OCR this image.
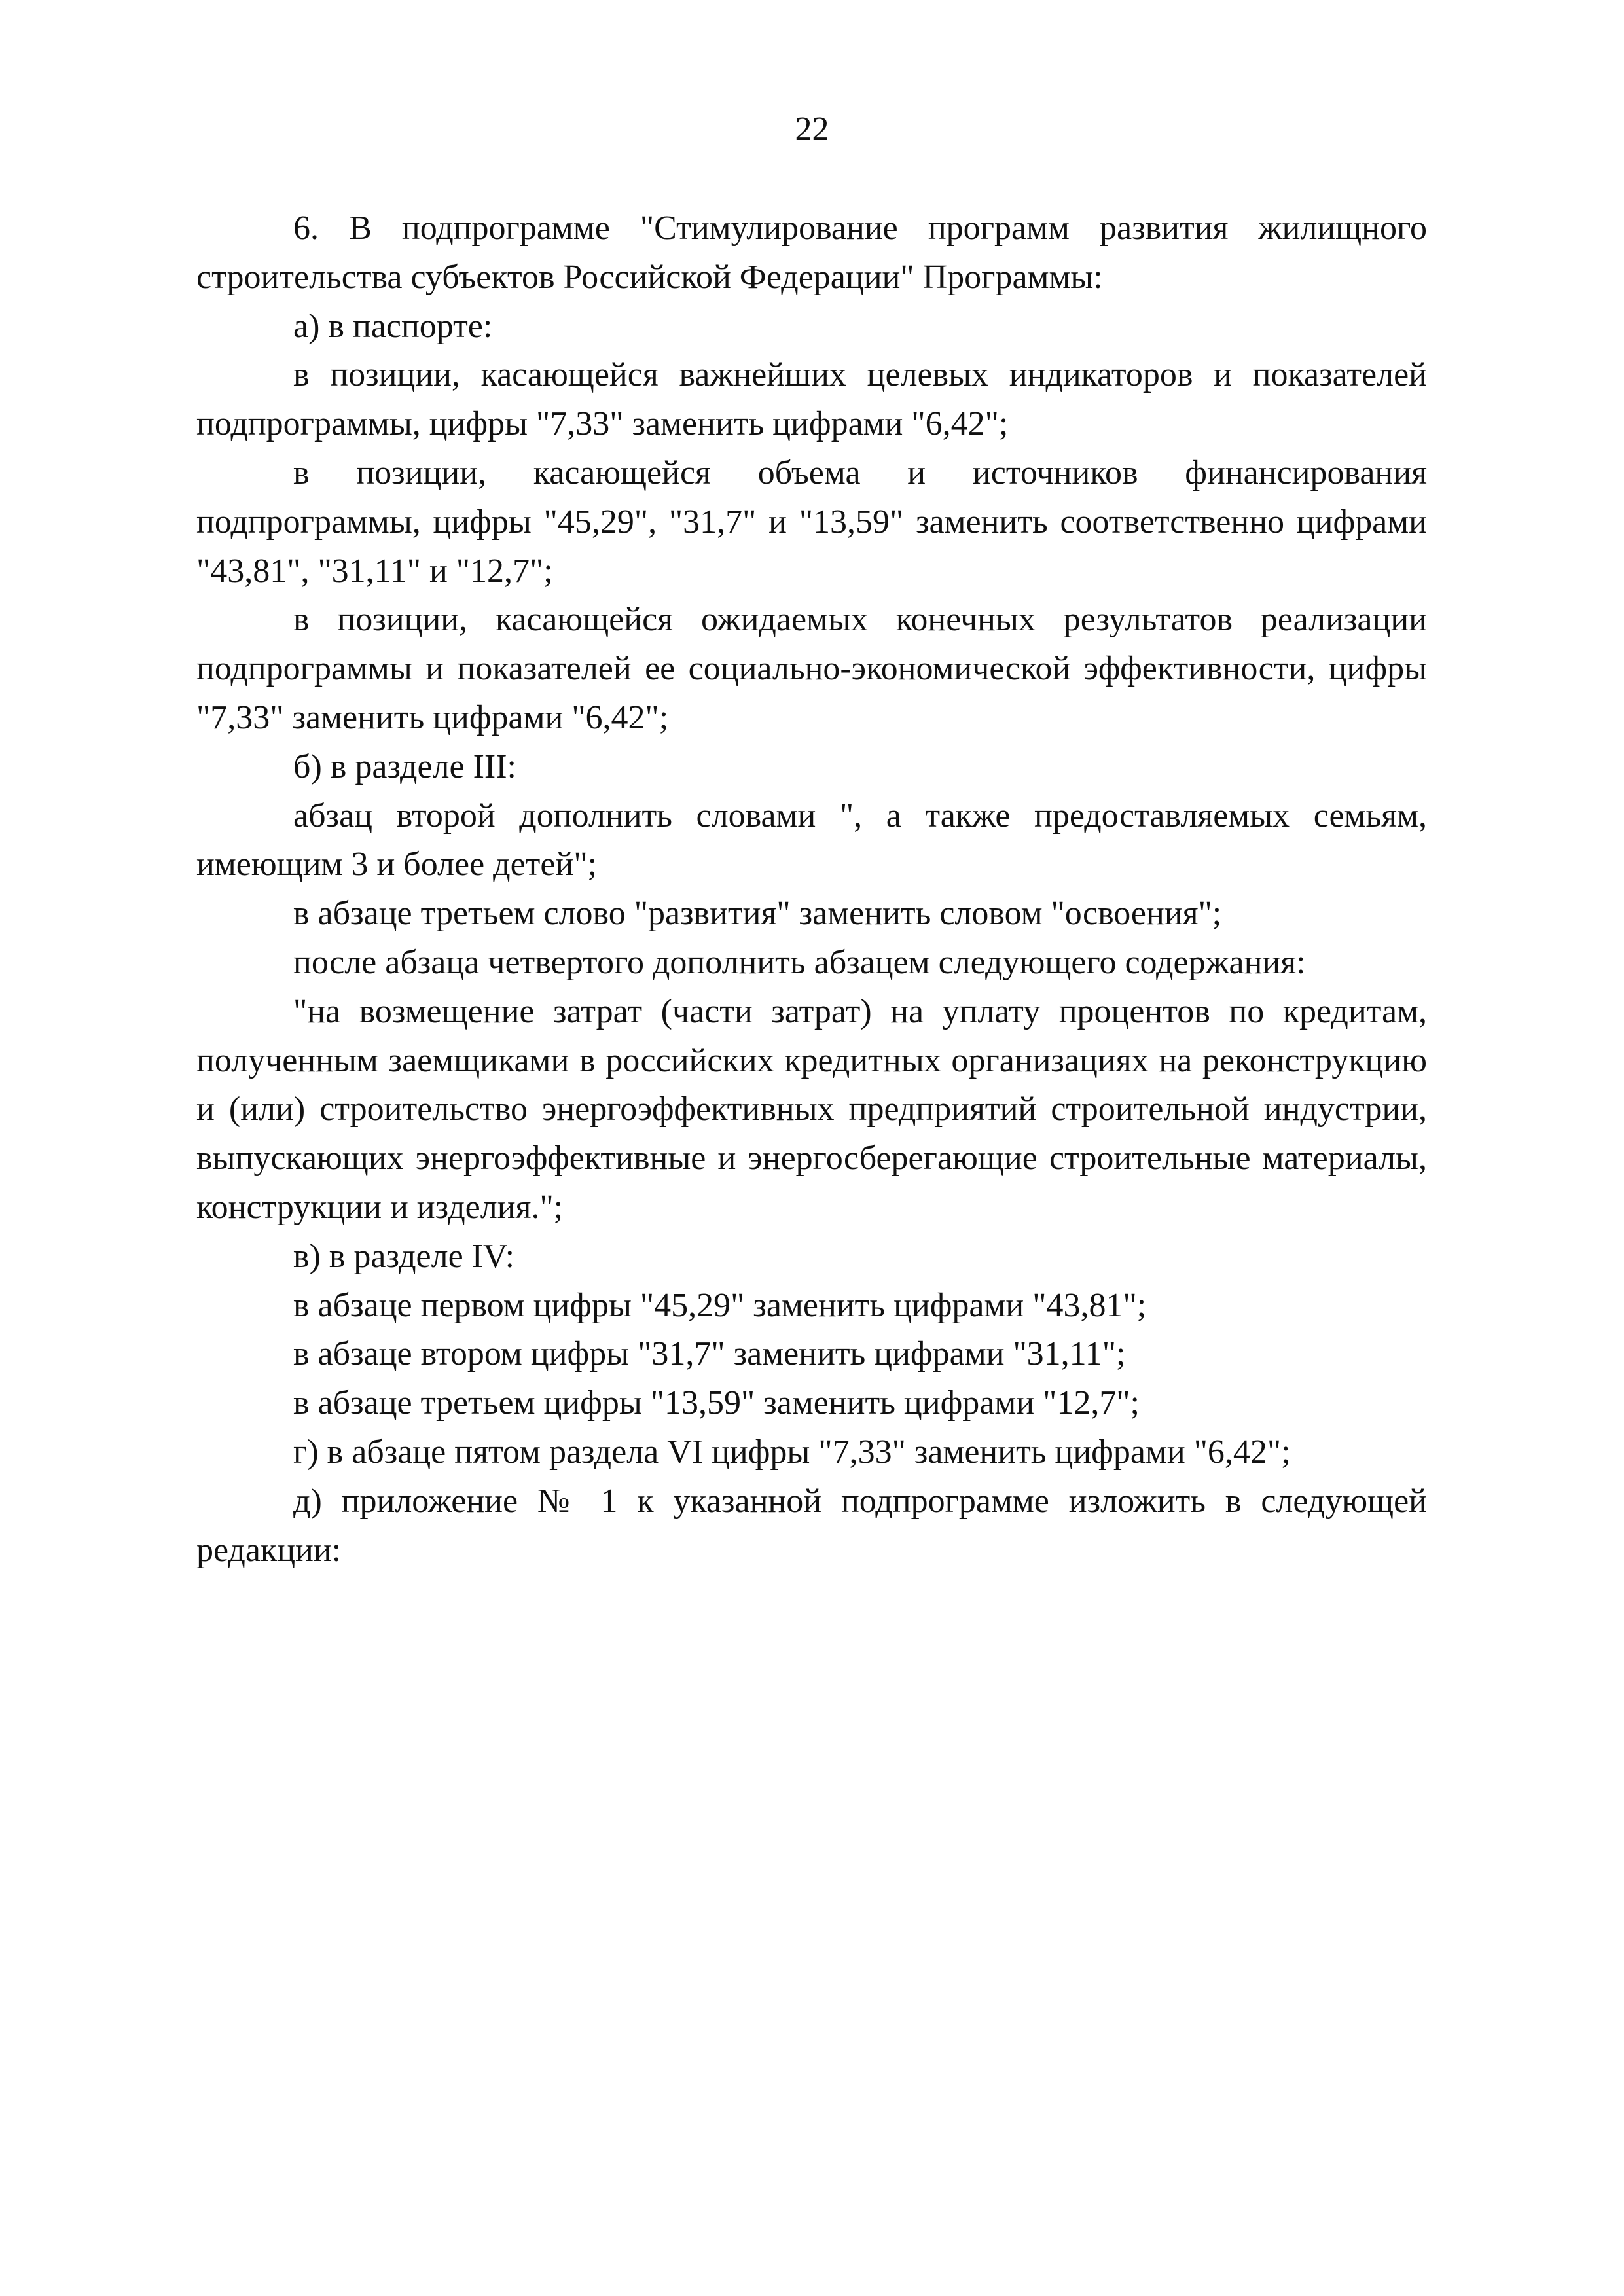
22

6. В подпрограмме "Стимулирование программ развития жилищного строительства субъектов Российской Федерации" Программы:

а) в паспорте:

в позиции, касающейся важнейших целевых индикаторов и показателей подпрограммы, цифры "7,33" заменить цифрами "6,42";

в позиции, касающейся объема и источников финансирования подпрограммы, цифры "45,29", "31,7" и "13,59" заменить соответственно цифрами "43,81", "31,11" и "12,7";

в позиции, касающейся ожидаемых конечных результатов реализации подпрограммы и показателей ее социально-экономической эффективности, цифры "7,33" заменить цифрами "6,42";

б) в разделе III:

абзац второй дополнить словами ", а также предоставляемых семьям, имеющим 3 и более детей";

в абзаце третьем слово "развития" заменить словом "освоения";

после абзаца четвертого дополнить абзацем следующего содержания:

"на возмещение затрат (части затрат) на уплату процентов по кредитам, полученным заемщиками в российских кредитных организациях на реконструкцию и (или) строительство энергоэффективных предприятий строительной индустрии, выпускающих энергоэффективные и энергосберегающие строительные материалы, конструкции и изделия.";

в) в разделе IV:

в абзаце первом цифры "45,29" заменить цифрами "43,81";

в абзаце втором цифры "31,7" заменить цифрами "31,11";

в абзаце третьем цифры "13,59" заменить цифрами "12,7";

г) в абзаце пятом раздела VI цифры "7,33" заменить цифрами "6,42";

д) приложение № 1 к указанной подпрограмме изложить в следующей редакции:
